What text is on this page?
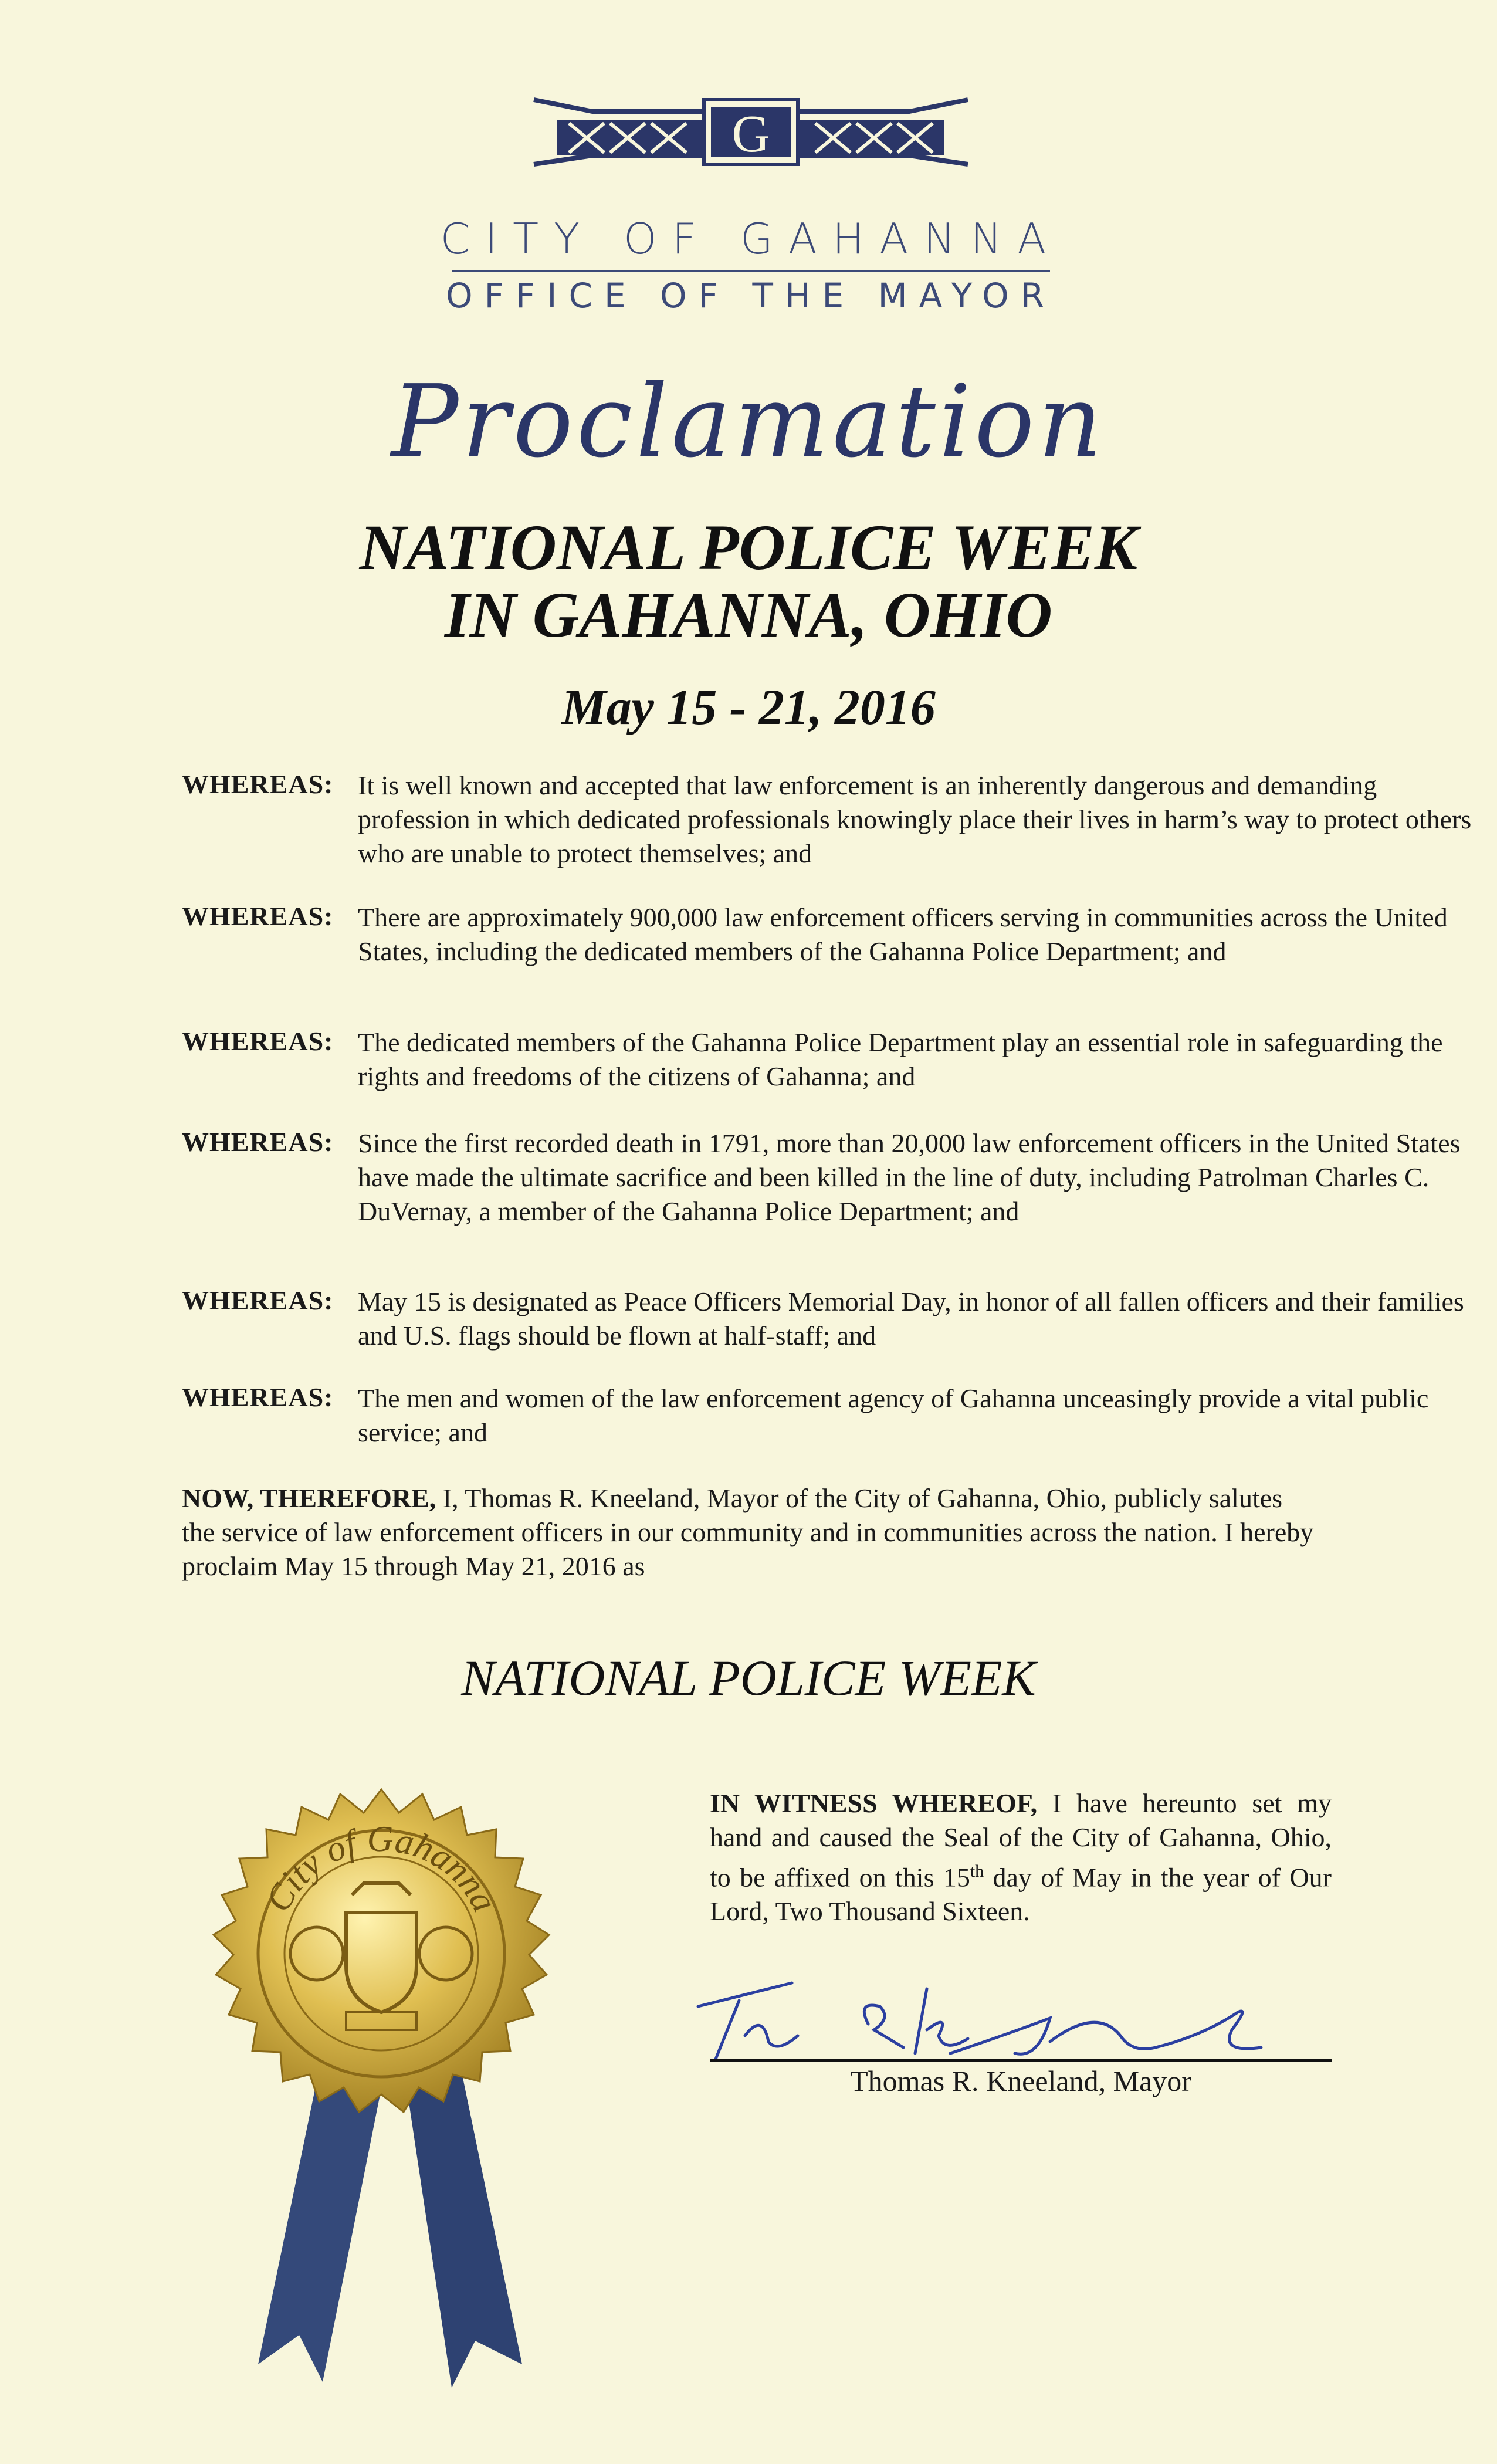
G
CITY OF GAHANNA
OFFICE OF THE MAYOR
Proclamation
NATIONAL POLICE WEEK
IN GAHANNA, OHIO
May 15 - 21, 2016
WHEREAS: It is well known and accepted that law enforcement is an inherently dangerous and demanding profession in which dedicated professionals knowingly place their lives in harm’s way to protect others who are unable to protect themselves; and
WHEREAS: There are approximately 900,000 law enforcement officers serving in communities across the United States, including the dedicated members of the Gahanna Police Department; and
WHEREAS: The dedicated members of the Gahanna Police Department play an essential role in safeguarding the rights and freedoms of the citizens of Gahanna; and
WHEREAS: Since the first recorded death in 1791, more than 20,000 law enforcement officers in the United States have made the ultimate sacrifice and been killed in the line of duty, including Patrolman Charles C. DuVernay, a member of the Gahanna Police Department; and
WHEREAS: May 15 is designated as Peace Officers Memorial Day, in honor of all fallen officers and their families and U.S. flags should be flown at half-staff; and
WHEREAS: The men and women of the law enforcement agency of Gahanna unceasingly provide a vital public service; and
NOW, THEREFORE, I, Thomas R. Kneeland, Mayor of the City of Gahanna, Ohio, publicly salutes the service of law enforcement officers in our community and in communities across the nation. I hereby proclaim May 15 through May 21, 2016 as
NATIONAL POLICE WEEK
IN WITNESS WHEREOF, I have hereunto set my hand and caused the Seal of the City of Gahanna, Ohio, to be affixed on this 15th day of May in the year of Our Lord, Two Thousand Sixteen.
Thomas R. Kneeland, Mayor
City of Gahanna
